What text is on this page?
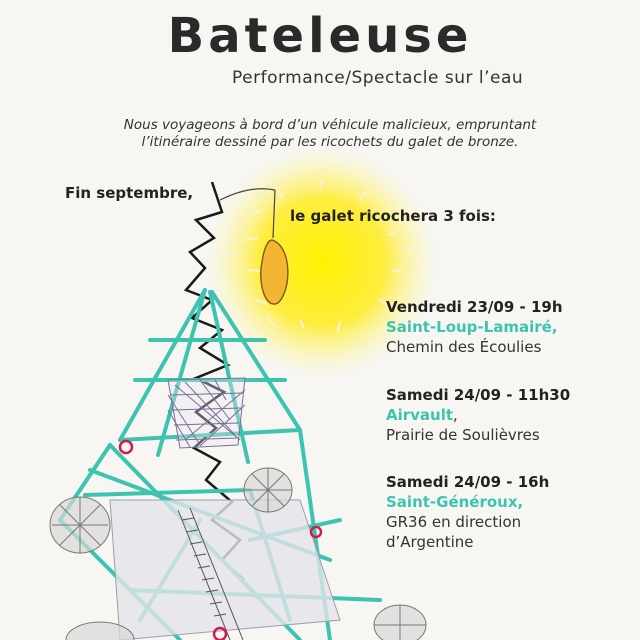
Bateleuse
Performance/Spectacle sur l’eau
Nous voyageons à bord d’un véhicule malicieux, empruntant
l’itinéraire dessiné par les ricochets du galet de bronze.
Fin septembre,
le galet ricochera 3 fois:
Vendredi 23/09 - 19h
Saint-Loup-Lamairé,
Chemin des Écoulies
Samedi 24/09 - 11h30
Airvault,
Prairie de Soulièvres
Samedi 24/09 - 16h
Saint-Généroux,
GR36 en direction
d’Argentine
